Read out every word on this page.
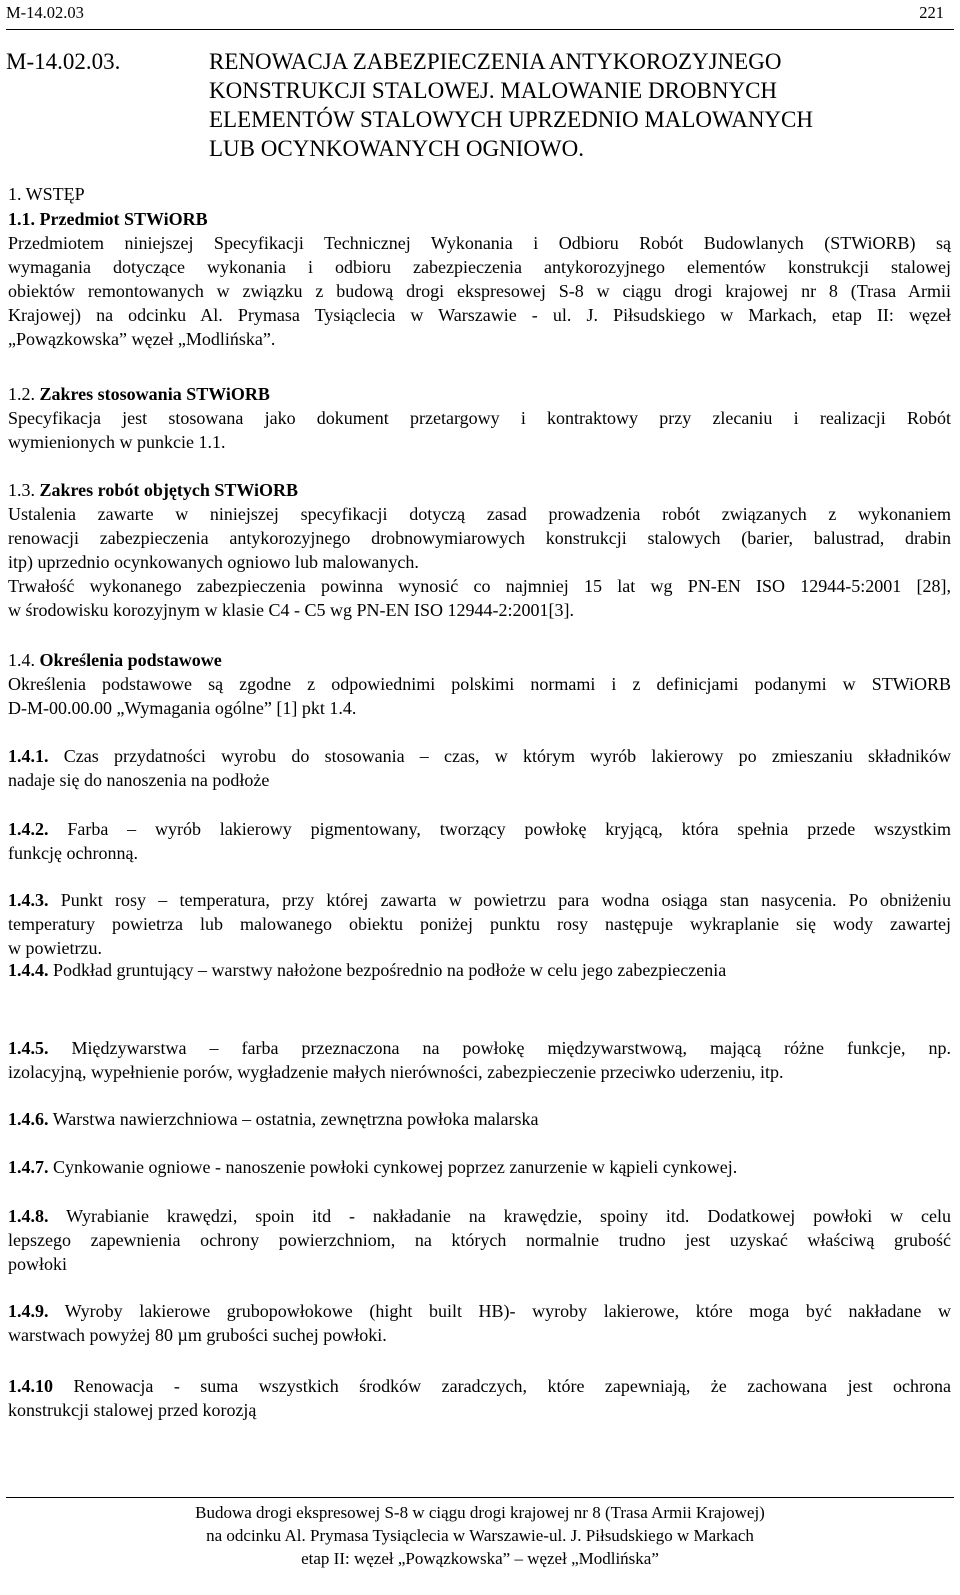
M-14.02.03	221
M-14.02.03.	RENOWACJA ZABEZPIECZENIA ANTYKOROZYJNEGO
KONSTRUKCJI STALOWEJ. MALOWANIE DROBNYCH
ELEMENTÓW STALOWYCH UPRZEDNIO MALOWANYCH
LUB OCYNKOWANYCH OGNIOWO.
1. WSTĘP
1.1. Przedmiot STWiORB
Przedmiotem niniejszej Specyfikacji Technicznej Wykonania i Odbioru Robót Budowlanych (STWiORB) są
wymagania dotyczące wykonania i odbioru zabezpieczenia antykorozyjnego elementów konstrukcji stalowej
obiektów remontowanych w związku z budową drogi ekspresowej S-8 w ciągu drogi krajowej nr 8 (Trasa Armii
Krajowej) na odcinku Al. Prymasa Tysiąclecia w Warszawie - ul. J. Piłsudskiego w Markach, etap II: węzeł
„Powązkowska” węzeł „Modlińska”.
1.2. Zakres stosowania STWiORB
Specyfikacja jest stosowana jako dokument przetargowy i kontraktowy przy zlecaniu i realizacji Robót
wymienionych w punkcie 1.1.
1.3. Zakres robót objętych STWiORB
Ustalenia zawarte w niniejszej specyfikacji dotyczą zasad prowadzenia robót związanych z wykonaniem
renowacji zabezpieczenia antykorozyjnego drobnowymiarowych konstrukcji stalowych (barier, balustrad, drabin
itp) uprzednio ocynkowanych ogniowo lub malowanych.
Trwałość wykonanego zabezpieczenia powinna wynosić co najmniej 15 lat wg PN-EN ISO 12944-5:2001 [28],
w środowisku korozyjnym w klasie C4 - C5 wg PN-EN ISO 12944-2:2001[3].
1.4. Określenia podstawowe
Określenia podstawowe są zgodne z odpowiednimi polskimi normami i z definicjami podanymi w STWiORB
D-M-00.00.00 „Wymagania ogólne” [1] pkt 1.4.
1.4.1. Czas przydatności wyrobu do stosowania – czas, w którym wyrób lakierowy po zmieszaniu składników
nadaje się do nanoszenia na podłoże
1.4.2. Farba – wyrób lakierowy pigmentowany, tworzący powłokę kryjącą, która spełnia przede wszystkim
funkcję ochronną.
1.4.3. Punkt rosy – temperatura, przy której zawarta w powietrzu para wodna osiąga stan nasycenia. Po obniżeniu
temperatury powietrza lub malowanego obiektu poniżej punktu rosy następuje wykraplanie się wody zawartej
w powietrzu.
1.4.4. Podkład gruntujący – warstwy nałożone bezpośrednio na podłoże w celu jego zabezpieczenia
1.4.5. Międzywarstwa – farba przeznaczona na powłokę międzywarstwową, mającą różne funkcje, np.
izolacyjną, wypełnienie porów, wygładzenie małych nierówności, zabezpieczenie przeciwko uderzeniu, itp.
1.4.6. Warstwa nawierzchniowa – ostatnia, zewnętrzna powłoka malarska
1.4.7. Cynkowanie ogniowe - nanoszenie powłoki cynkowej poprzez zanurzenie w kąpieli cynkowej.
1.4.8. Wyrabianie krawędzi, spoin itd - nakładanie na krawędzie, spoiny itd. Dodatkowej powłoki w celu
lepszego zapewnienia ochrony powierzchniom, na których normalnie trudno jest uzyskać właściwą grubość
powłoki
1.4.9. Wyroby lakierowe grubopowłokowe (hight built HB)- wyroby lakierowe, które moga być nakładane w
warstwach powyżej 80 µm grubości suchej powłoki.
1.4.10 Renowacja - suma wszystkich środków zaradczych, które zapewniają, że zachowana jest ochrona
konstrukcji stalowej przed korozją
Budowa drogi ekspresowej S-8 w ciągu drogi krajowej nr 8 (Trasa Armii Krajowej)
na odcinku Al. Prymasa Tysiąclecia w Warszawie-ul. J. Piłsudskiego w Markach
etap II: węzeł „Powązkowska” – węzeł „Modlińska”
